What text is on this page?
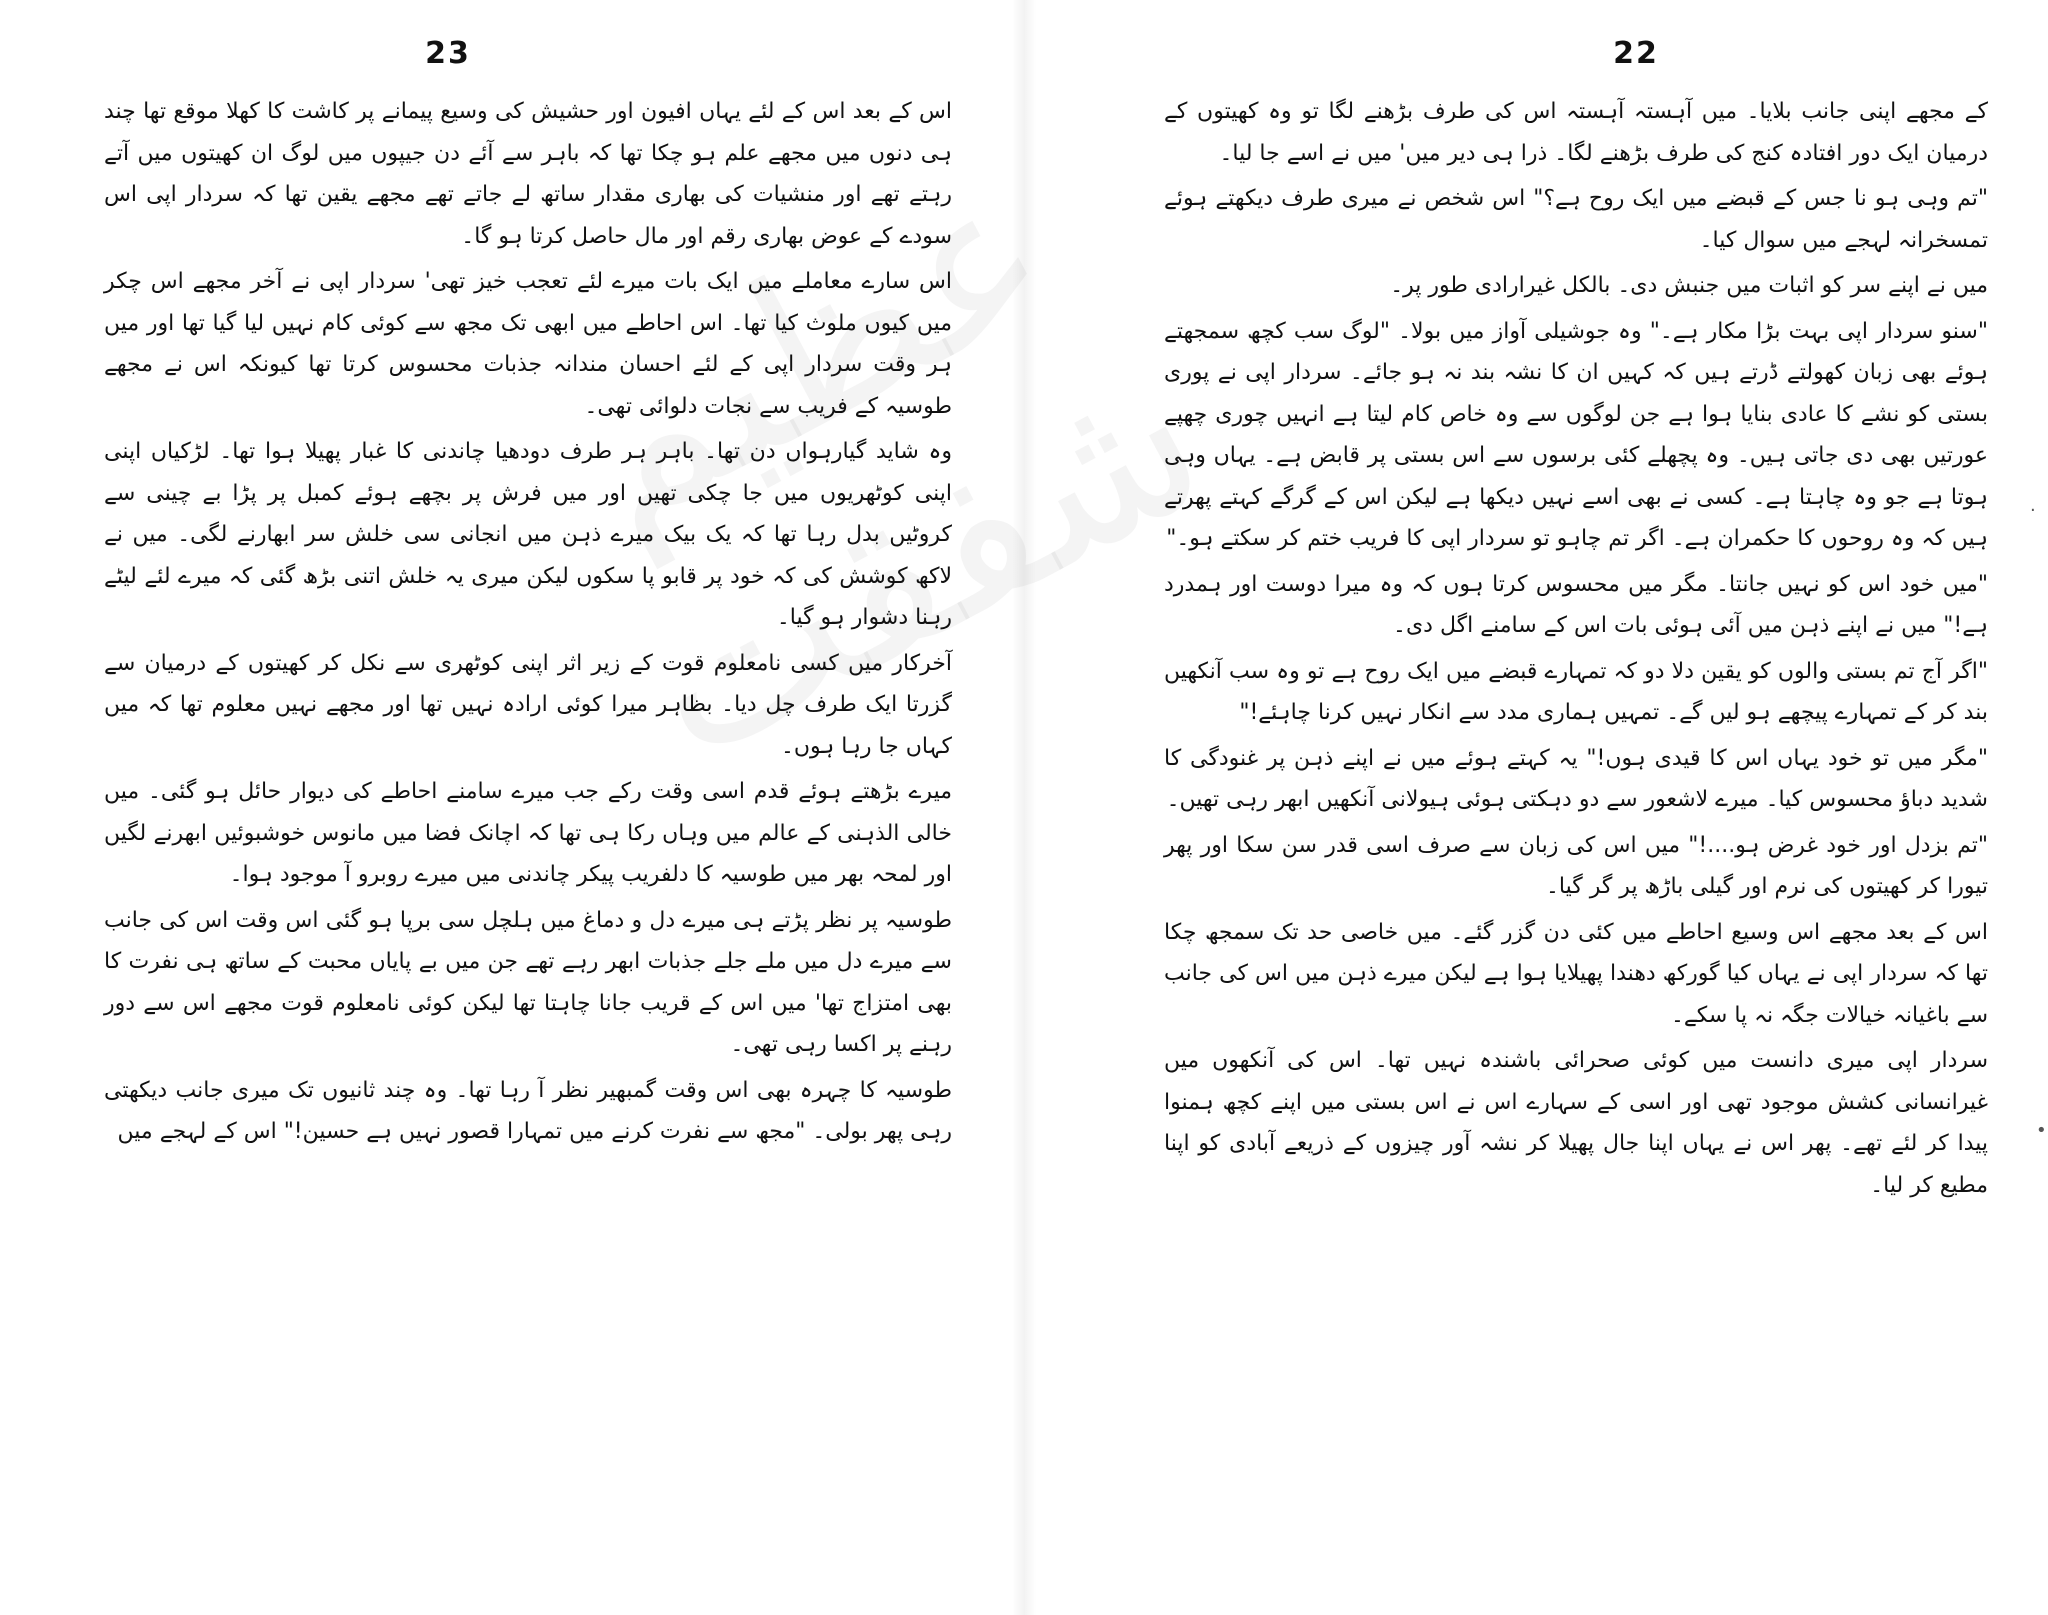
23

اس کے بعد اس کے لئے یہاں افیون اور حشیش کی وسیع پیمانے پر کاشت کا کھلا موقع تھا چند ہی دنوں میں مجھے علم ہو چکا تھا کہ باہر سے آئے دن جیپوں میں لوگ ان کھیتوں میں آتے رہتے تھے اور منشیات کی بھاری مقدار ساتھ لے جاتے تھے مجھے یقین تھا کہ سردار اپی اس سودے کے عوض بھاری رقم اور مال حاصل کرتا ہو گا۔

اس سارے معاملے میں ایک بات میرے لئے تعجب خیز تھی' سردار اپی نے آخر مجھے اس چکر میں کیوں ملوث کیا تھا۔ اس احاطے میں ابھی تک مجھ سے کوئی کام نہیں لیا گیا تھا اور میں ہر وقت سردار اپی کے لئے احسان مندانہ جذبات محسوس کرتا تھا کیونکہ اس نے مجھے طوسیہ کے فریب سے نجات دلوائی تھی۔

وہ شاید گیارہواں دن تھا۔ باہر ہر طرف دودھیا چاندنی کا غبار پھیلا ہوا تھا۔ لڑکیاں اپنی اپنی کوٹھریوں میں جا چکی تھیں اور میں فرش پر بچھے ہوئے کمبل پر پڑا بے چینی سے کروٹیں بدل رہا تھا کہ یک بیک میرے ذہن میں انجانی سی خلش سر ابھارنے لگی۔ میں نے لاکھ کوشش کی کہ خود پر قابو پا سکوں لیکن میری یہ خلش اتنی بڑھ گئی کہ میرے لئے لیٹے رہنا دشوار ہو گیا۔

آخرکار میں کسی نامعلوم قوت کے زیر اثر اپنی کوٹھری سے نکل کر کھیتوں کے درمیان سے گزرتا ایک طرف چل دیا۔ بظاہر میرا کوئی ارادہ نہیں تھا اور مجھے نہیں معلوم تھا کہ میں کہاں جا رہا ہوں۔

میرے بڑھتے ہوئے قدم اسی وقت رکے جب میرے سامنے احاطے کی دیوار حائل ہو گئی۔ میں خالی الذہنی کے عالم میں وہاں رکا ہی تھا کہ اچانک فضا میں مانوس خوشبوئیں ابھرنے لگیں اور لمحہ بھر میں طوسیہ کا دلفریب پیکر چاندنی میں میرے روبرو آ موجود ہوا۔

طوسیہ پر نظر پڑتے ہی میرے دل و دماغ میں ہلچل سی برپا ہو گئی اس وقت اس کی جانب سے میرے دل میں ملے جلے جذبات ابھر رہے تھے جن میں بے پایاں محبت کے ساتھ ہی نفرت کا بھی امتزاج تھا' میں اس کے قریب جانا چاہتا تھا لیکن کوئی نامعلوم قوت مجھے اس سے دور رہنے پر اکسا رہی تھی۔

طوسیہ کا چہرہ بھی اس وقت گمبھیر نظر آ رہا تھا۔ وہ چند ثانیوں تک میری جانب دیکھتی رہی پھر بولی۔ "مجھ سے نفرت کرنے میں تمہارا قصور نہیں ہے حسین!" اس کے لہجے میں

22

کے مجھے اپنی جانب بلایا۔ میں آہستہ آہستہ اس کی طرف بڑھنے لگا تو وہ کھیتوں کے درمیان ایک دور افتادہ کنج کی طرف بڑھنے لگا۔ ذرا ہی دیر میں' میں نے اسے جا لیا۔

"تم وہی ہو نا جس کے قبضے میں ایک روح ہے؟" اس شخص نے میری طرف دیکھتے ہوئے تمسخرانہ لہجے میں سوال کیا۔

میں نے اپنے سر کو اثبات میں جنبش دی۔ بالکل غیرارادی طور پر۔

"سنو سردار اپی بہت بڑا مکار ہے۔" وہ جوشیلی آواز میں بولا۔ "لوگ سب کچھ سمجھتے ہوئے بھی زبان کھولتے ڈرتے ہیں کہ کہیں ان کا نشہ بند نہ ہو جائے۔ سردار اپی نے پوری بستی کو نشے کا عادی بنایا ہوا ہے جن لوگوں سے وہ خاص کام لیتا ہے انہیں چوری چھپے عورتیں بھی دی جاتی ہیں۔ وہ پچھلے کئی برسوں سے اس بستی پر قابض ہے۔ یہاں وہی ہوتا ہے جو وہ چاہتا ہے۔ کسی نے بھی اسے نہیں دیکھا ہے لیکن اس کے گرگے کہتے پھرتے ہیں کہ وہ روحوں کا حکمران ہے۔ اگر تم چاہو تو سردار اپی کا فریب ختم کر سکتے ہو۔"

"میں خود اس کو نہیں جانتا۔ مگر میں محسوس کرتا ہوں کہ وہ میرا دوست اور ہمدرد ہے!" میں نے اپنے ذہن میں آئی ہوئی بات اس کے سامنے اگل دی۔

"اگر آج تم بستی والوں کو یقین دلا دو کہ تمہارے قبضے میں ایک روح ہے تو وہ سب آنکھیں بند کر کے تمہارے پیچھے ہو لیں گے۔ تمہیں ہماری مدد سے انکار نہیں کرنا چاہئے!"

"مگر میں تو خود یہاں اس کا قیدی ہوں!" یہ کہتے ہوئے میں نے اپنے ذہن پر غنودگی کا شدید دباؤ محسوس کیا۔ میرے لاشعور سے دو دہکتی ہوئی ہیولانی آنکھیں ابھر رہی تھیں۔

"تم بزدل اور خود غرض ہو....!" میں اس کی زبان سے صرف اسی قدر سن سکا اور پھر تیورا کر کھیتوں کی نرم اور گیلی باڑھ پر گر گیا۔

اس کے بعد مجھے اس وسیع احاطے میں کئی دن گزر گئے۔ میں خاصی حد تک سمجھ چکا تھا کہ سردار اپی نے یہاں کیا گورکھ دھندا پھیلایا ہوا ہے لیکن میرے ذہن میں اس کی جانب سے باغیانہ خیالات جگہ نہ پا سکے۔

سردار اپی میری دانست میں کوئی صحرائی باشندہ نہیں تھا۔ اس کی آنکھوں میں غیرانسانی کشش موجود تھی اور اسی کے سہارے اس نے اس بستی میں اپنے کچھ ہمنوا پیدا کر لئے تھے۔ پھر اس نے یہاں اپنا جال پھیلا کر نشہ آور چیزوں کے ذریعے آبادی کو اپنا مطیع کر لیا۔

·
•
